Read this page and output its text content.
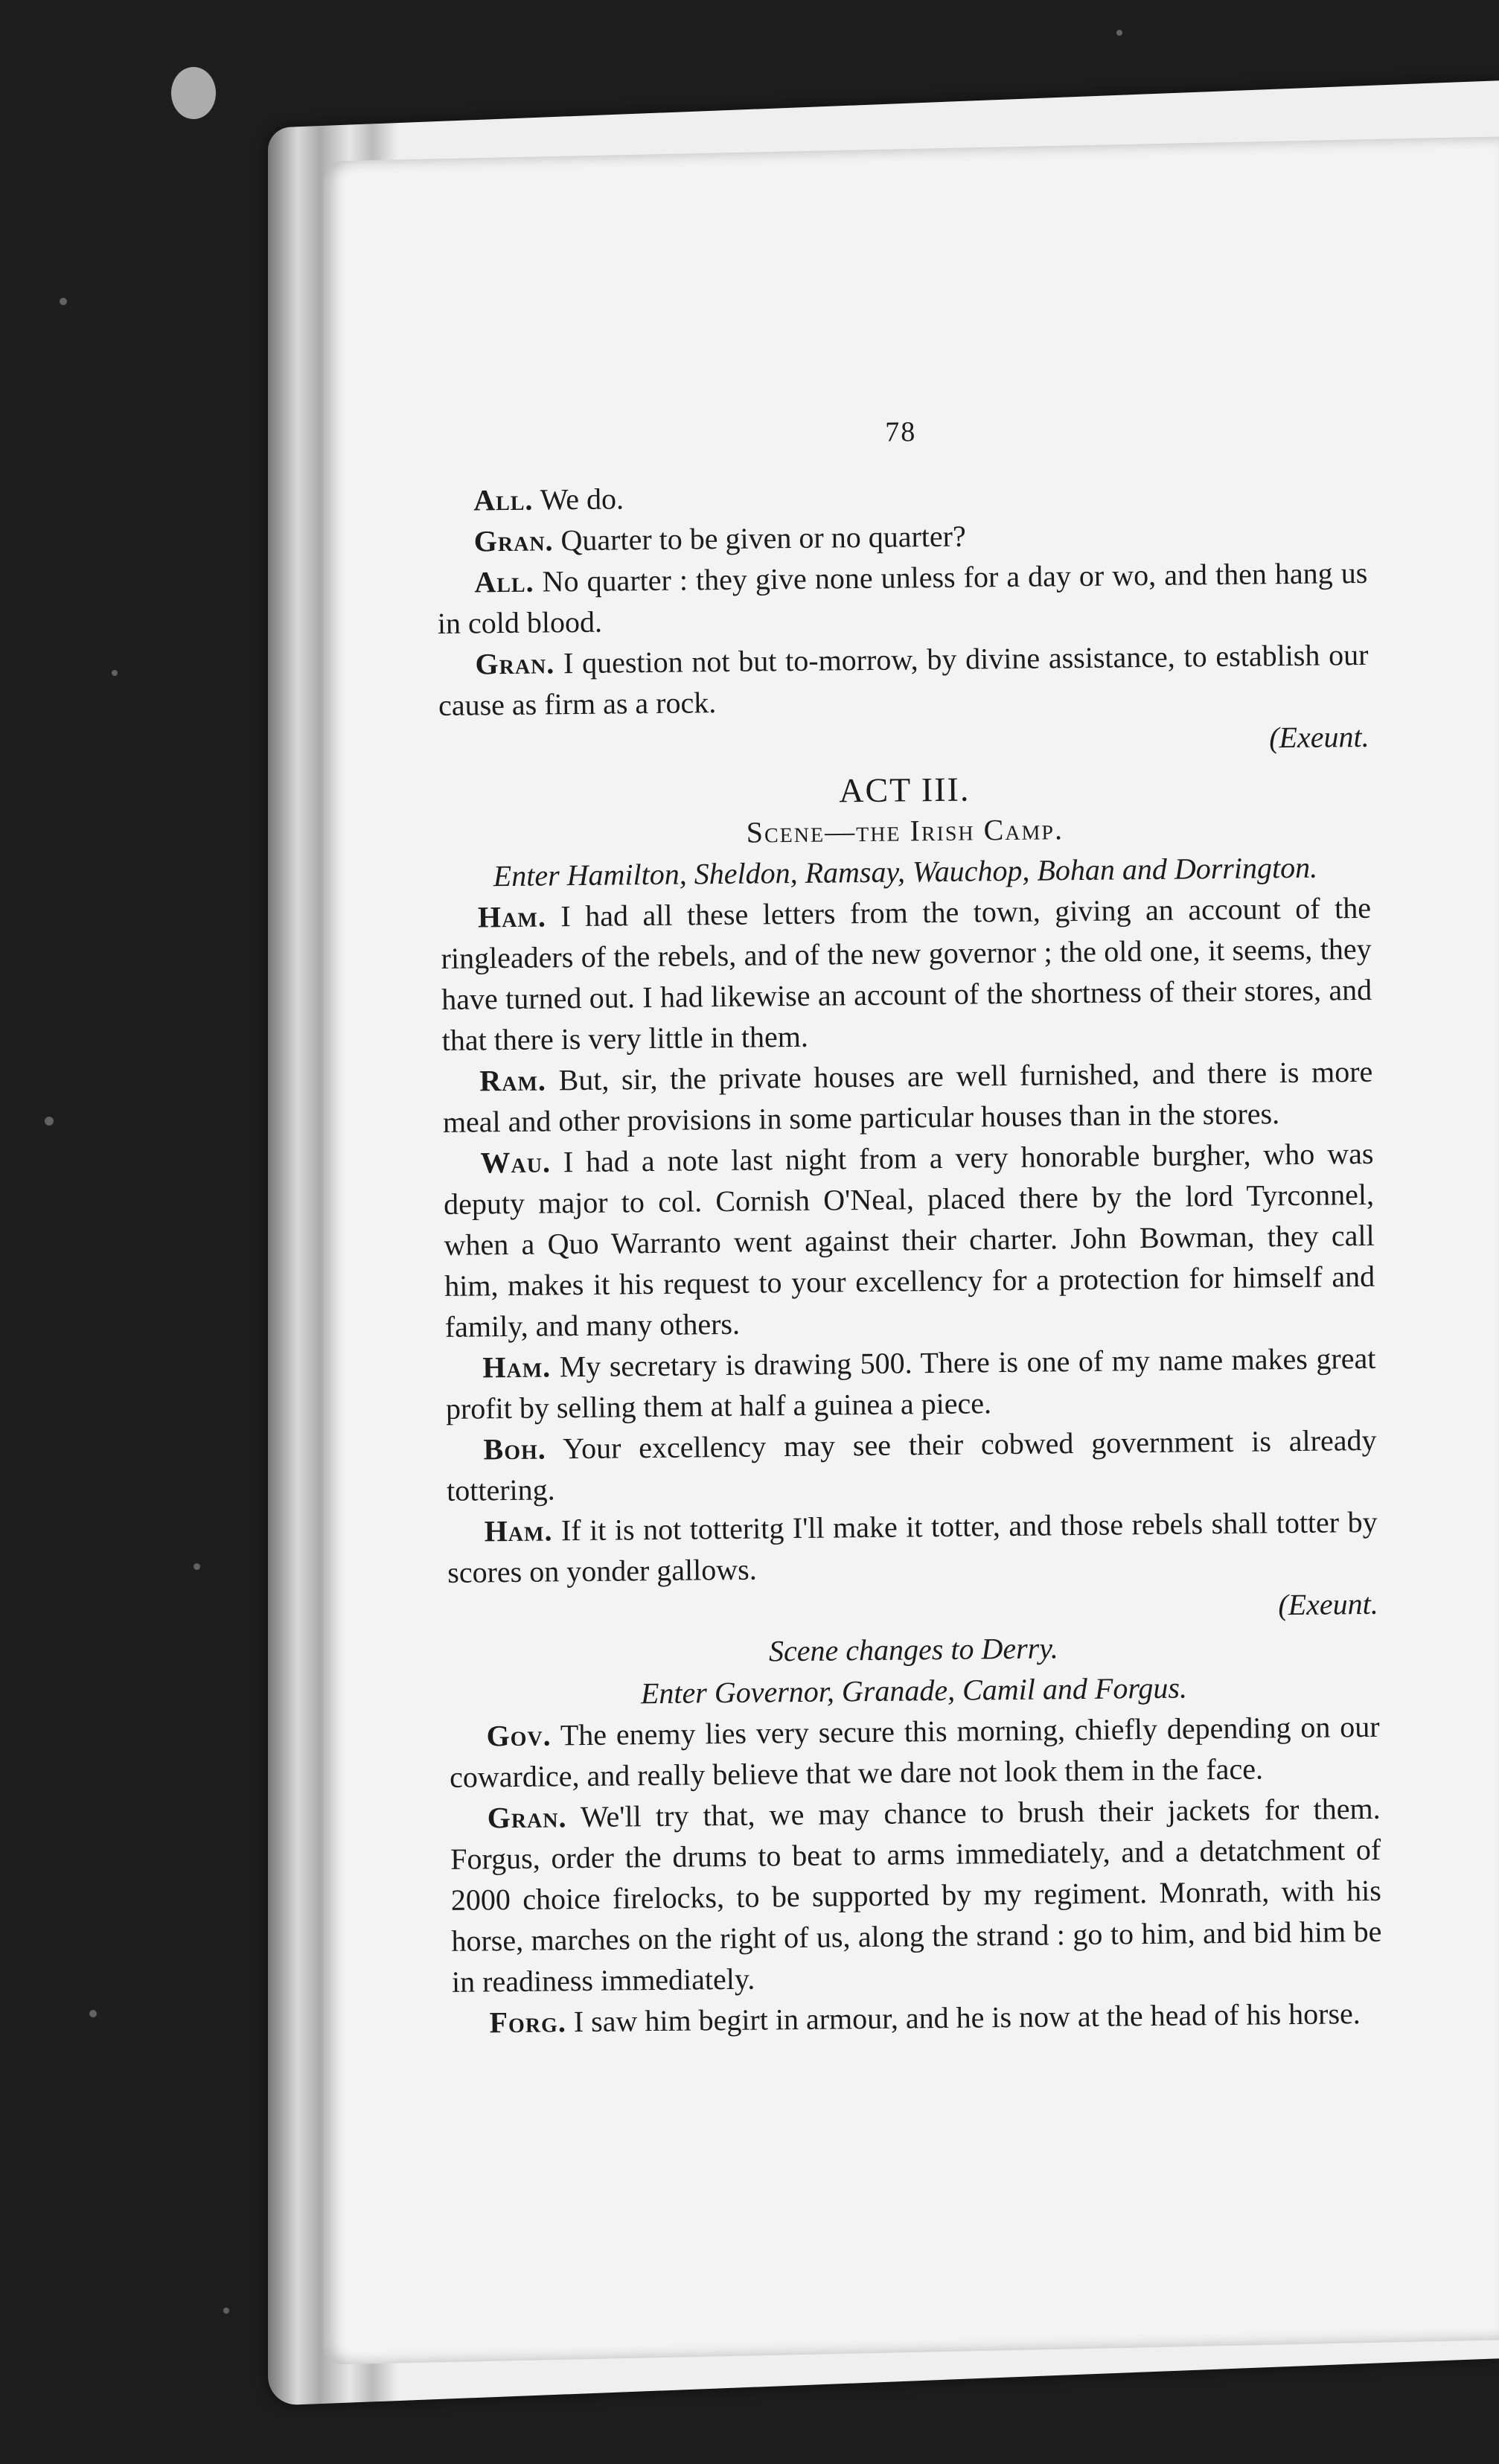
78

All. We do.

Gran. Quarter to be given or no quarter?

All. No quarter : they give none unless for a day or wo, and then hang us in cold blood.

Gran. I question not but to-morrow, by divine assistance, to establish our cause as firm as a rock.

(Exeunt.

ACT III.

Scene—the Irish Camp.

Enter Hamilton, Sheldon, Ramsay, Wauchop, Bohan and Dorrington.

Ham. I had all these letters from the town, giving an account of the ringleaders of the rebels, and of the new governor ; the old one, it seems, they have turned out. I had likewise an account of the shortness of their stores, and that there is very little in them.

Ram. But, sir, the private houses are well furnished, and there is more meal and other provisions in some particular houses than in the stores.

Wau. I had a note last night from a very honorable burgher, who was deputy major to col. Cornish O'Neal, placed there by the lord Tyrconnel, when a Quo Warranto went against their charter. John Bowman, they call him, makes it his request to your excellency for a protection for himself and family, and many others.

Ham. My secretary is drawing 500. There is one of my name makes great profit by selling them at half a guinea a piece.

Boh. Your excellency may see their cobwed government is already tottering.

Ham. If it is not totteritg I'll make it totter, and those rebels shall totter by scores on yonder gallows.

(Exeunt.

Scene changes to Derry.

Enter Governor, Granade, Camil and Forgus.

Gov. The enemy lies very secure this morning, chiefly depending on our cowardice, and really believe that we dare not look them in the face.

Gran. We'll try that, we may chance to brush their jackets for them. Forgus, order the drums to beat to arms immediately, and a detatchment of 2000 choice firelocks, to be supported by my regiment. Monrath, with his horse, marches on the right of us, along the strand : go to him, and bid him be in readiness immediately.

Forg. I saw him begirt in armour, and he is now at the head of his horse.
